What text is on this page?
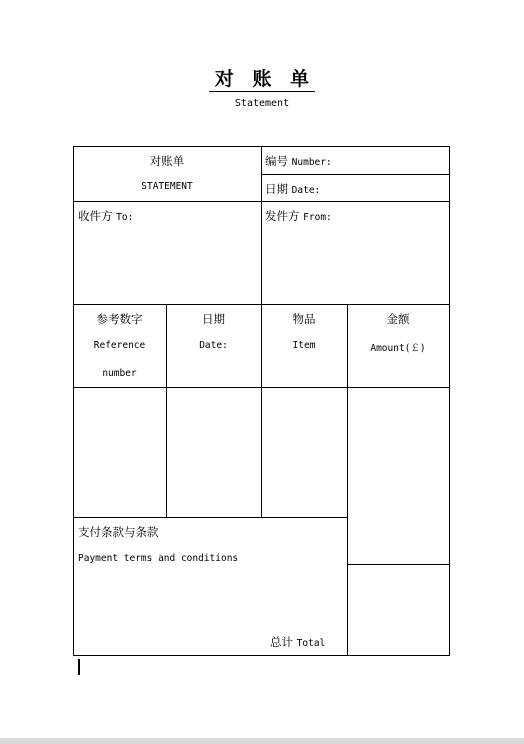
对 账 单
Statement
对账单
STATEMENT
编号 Number:
日期 Date:
收件方 To:	发件方 From:
参考数字
Reference
number
日期
Date:
物品
Item
金额
Amount(￡)
支付条款与条款
Payment terms and conditions
总计 Total
